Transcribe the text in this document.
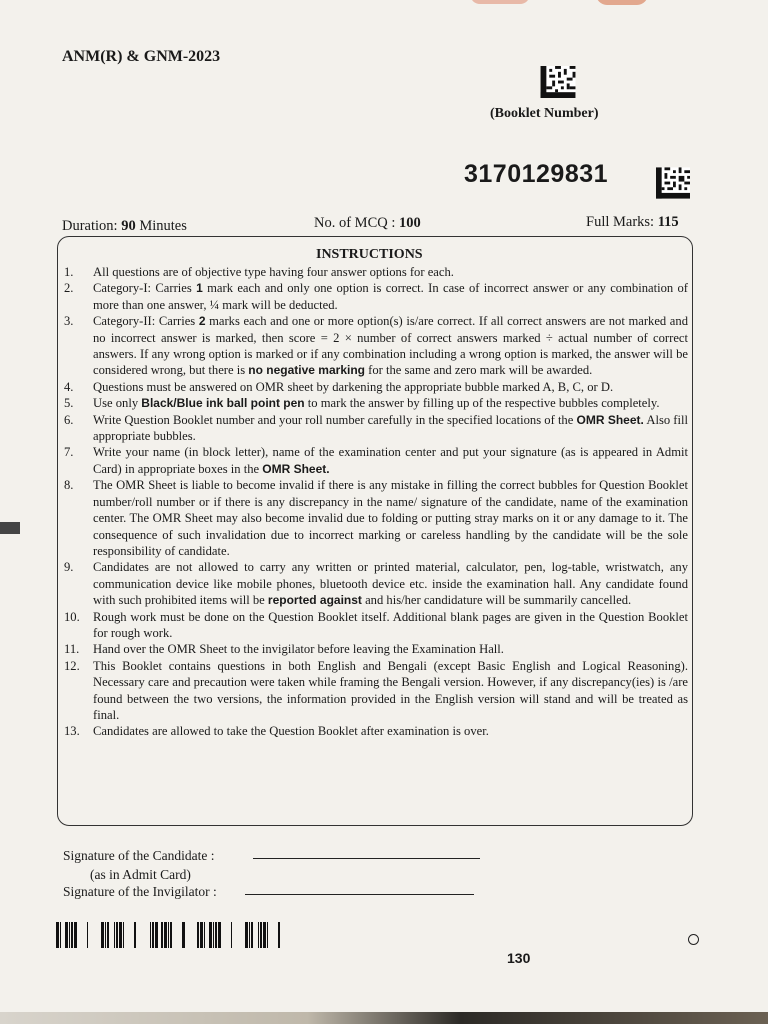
ANM(R) & GNM-2023
(Booklet Number)
3170129831
Duration: 90 Minutes	No. of MCQ : 100	Full Marks: 115
INSTRUCTIONS
1.	All questions are of objective type having four answer options for each.
2.	Category-I: Carries 1 mark each and only one option is correct. In case of incorrect answer or any combination of more than one answer, ¼ mark will be deducted.
3.	Category-II: Carries 2 marks each and one or more option(s) is/are correct. If all correct answers are not marked and no incorrect answer is marked, then score = 2 × number of correct answers marked ÷ actual number of correct answers. If any wrong option is marked or if any combination including a wrong option is marked, the answer will be considered wrong, but there is no negative marking for the same and zero mark will be awarded.
4.	Questions must be answered on OMR sheet by darkening the appropriate bubble marked A, B, C, or D.
5.	Use only Black/Blue ink ball point pen to mark the answer by filling up of the respective bubbles completely.
6.	Write Question Booklet number and your roll number carefully in the specified locations of the OMR Sheet. Also fill appropriate bubbles.
7.	Write your name (in block letter), name of the examination center and put your signature (as is appeared in Admit Card) in appropriate boxes in the OMR Sheet.
8.	The OMR Sheet is liable to become invalid if there is any mistake in filling the correct bubbles for Question Booklet number/roll number or if there is any discrepancy in the name/ signature of the candidate, name of the examination center. The OMR Sheet may also become invalid due to folding or putting stray marks on it or any damage to it. The consequence of such invalidation due to incorrect marking or careless handling by the candidate will be the sole responsibility of candidate.
9.	Candidates are not allowed to carry any written or printed material, calculator, pen, log-table, wristwatch, any communication device like mobile phones, bluetooth device etc. inside the examination hall. Any candidate found with such prohibited items will be reported against and his/her candidature will be summarily cancelled.
10.	Rough work must be done on the Question Booklet itself. Additional blank pages are given in the Question Booklet for rough work.
11.	Hand over the OMR Sheet to the invigilator before leaving the Examination Hall.
12.	This Booklet contains questions in both English and Bengali (except Basic English and Logical Reasoning). Necessary care and precaution were taken while framing the Bengali version. However, if any discrepancy(ies) is /are found between the two versions, the information provided in the English version will stand and will be treated as final.
13.	Candidates are allowed to take the Question Booklet after examination is over.
Signature of the Candidate :
(as in Admit Card)
Signature of the Invigilator :
130
